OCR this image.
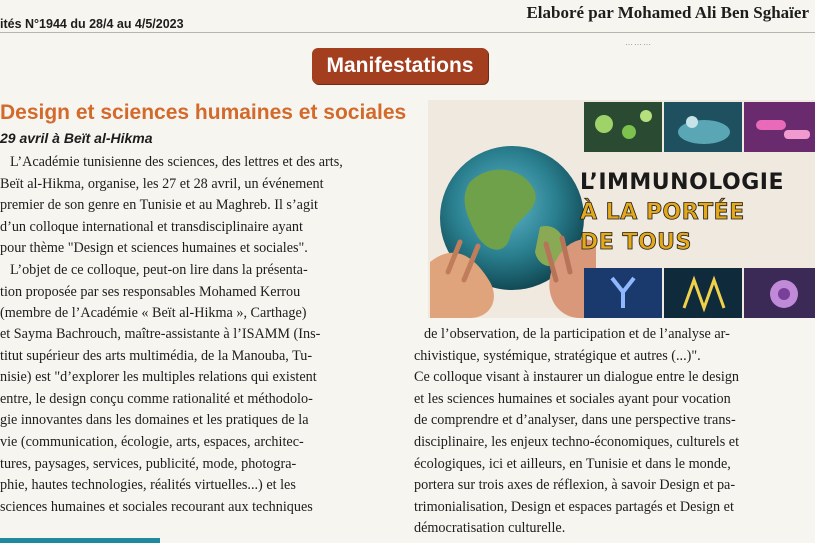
ités N°1944 du 28/4 au 4/5/2023
Elaboré par Mohamed Ali Ben Sghaïer
⋯⋯⋯
Manifestations
Design et sciences humaines et sociales
29 avril à Beït al-Hikma
L’Académie tunisienne des sciences, des lettres et des arts,
Beït al-Hikma, organise, les 27 et 28 avril, un événement
premier de son genre en Tunisie et au Maghreb. Il s’agit
d’un colloque international et transdisciplinaire ayant
pour thème "Design et sciences humaines et sociales".
L’objet de ce colloque, peut-on lire dans la présenta-
tion proposée par ses responsables Mohamed Kerrou
(membre de l’Académie « Beït al-Hikma », Carthage)
et Sayma Bachrouch, maître-assistante à l’ISAMM (Ins-
titut supérieur des arts multimédia, de la Manouba, Tu-
nisie) est "d’explorer les multiples relations qui existent
entre, le design conçu comme rationalité et méthodolo-
gie innovantes dans les domaines et les pratiques de la
vie (communication, écologie, arts, espaces, architec-
tures, paysages, services, publicité, mode, photogra-
phie, hautes technologies, réalités virtuelles...) et les
sciences humaines et sociales recourant aux techniques
de l’observation, de la participation et de l’analyse ar-
chivistique, systémique, stratégique et autres (...)".
Ce colloque visant à instaurer un dialogue entre le design
et les sciences humaines et sociales ayant pour vocation
de comprendre et d’analyser, dans une perspective trans-
disciplinaire, les enjeux techno-économiques, culturels et
écologiques, ici et ailleurs, en Tunisie et dans le monde,
portera sur trois axes de réflexion, à savoir Design et pa-
trimonialisation, Design et espaces partagés et Design et
démocratisation culturelle.
L’IMMUNOLOGIE
À LA PORTÉE
DE TOUS
